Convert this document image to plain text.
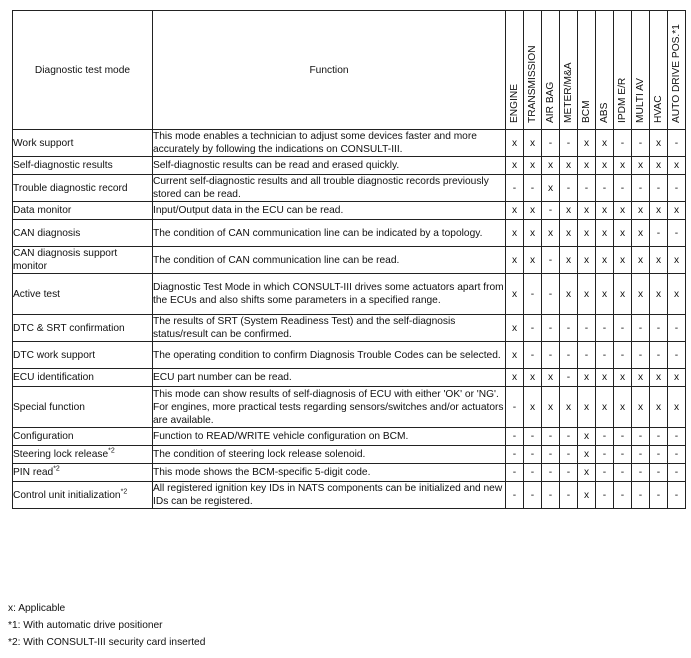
Diagnostic test mode	Function	ENGINE	TRANSMISSION	AIR BAG	METER/M&A	BCM	ABS	IPDM E/R	MULTI AV	HVAC	AUTO DRIVE POS.*1

Work support	This mode enables a technician to adjust some devices faster and more accurately by following the indications on CONSULT-III.	x	x	-	-	x	x	-	-	x	-
Self-diagnostic results	Self-diagnostic results can be read and erased quickly.	x	x	x	x	x	x	x	x	x	x
Trouble diagnostic record	Current self-diagnostic results and all trouble diagnostic records previously stored can be read.	-	-	x	-	-	-	-	-	-	-
Data monitor	Input/Output data in the ECU can be read.	x	x	-	x	x	x	x	x	x	x
CAN diagnosis	The condition of CAN communication line can be indicated by a topology.	x	x	x	x	x	x	x	x	-	-
CAN diagnosis support monitor	The condition of CAN communication line can be read.	x	x	-	x	x	x	x	x	x	x
Active test	Diagnostic Test Mode in which CONSULT-III drives some actuators apart from the ECUs and also shifts some parameters in a specified range.	x	-	-	x	x	x	x	x	x	x
DTC & SRT confirmation	The results of SRT (System Readiness Test) and the self-diagnosis status/result can be confirmed.	x	-	-	-	-	-	-	-	-	-
DTC work support	The operating condition to confirm Diagnosis Trouble Codes can be selected.	x	-	-	-	-	-	-	-	-	-
ECU identification	ECU part number can be read.	x	x	x	-	x	x	x	x	x	x
Special function	This mode can show results of self-diagnosis of ECU with either 'OK' or 'NG'. For engines, more practical tests regarding sensors/switches and/or actuators are available.	-	x	x	x	x	x	x	x	x	x
Configuration	Function to READ/WRITE vehicle configuration on BCM.	-	-	-	-	x	-	-	-	-	-
Steering lock release$^{*2}$	The condition of steering lock release solenoid.	-	-	-	-	x	-	-	-	-	-
PIN read$^{*2}$	This mode shows the BCM-specific 5-digit code.	-	-	-	-	x	-	-	-	-	-
Control unit initialization$^{*2}$	All registered ignition key IDs in NATS components can be initialized and new IDs can be registered.	-	-	-	-	x	-	-	-	-	-
x: Applicable
*1: With automatic drive positioner
*2: With CONSULT-III security card inserted
